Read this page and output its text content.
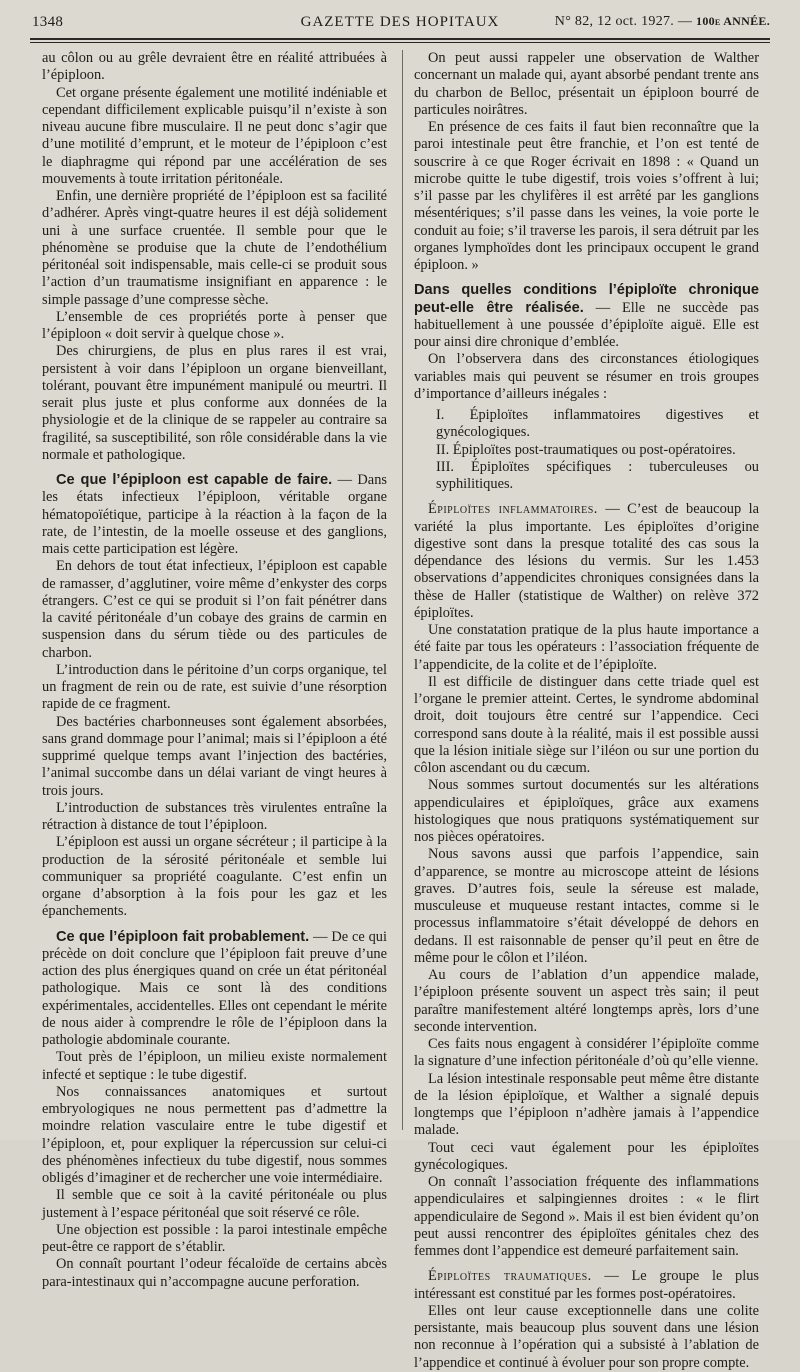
1348	GAZETTE DES HOPITAUX	N° 82, 12 oct. 1927. — 100e ANNÉE.

au côlon ou au grêle devraient être en réalité attribuées à l’épiploon.

Cet organe présente également une motilité indéniable et cependant difficilement explicable puisqu’il n’existe à son niveau aucune fibre musculaire. Il ne peut donc s’agir que d’une motilité d’emprunt, et le moteur de l’épiploon c’est le diaphragme qui répond par une accélération de ses mouvements à toute irritation péritonéale.

Enfin, une dernière propriété de l’épiploon est sa facilité d’adhérer. Après vingt-quatre heures il est déjà solidement uni à une surface cruentée. Il semble pour que le phénomène se produise que la chute de l’endothélium péritonéal soit indispensable, mais celle-ci se produit sous l’action d’un traumatisme insignifiant en apparence : le simple passage d’une compresse sèche.

L’ensemble de ces propriétés porte à penser que l’épiploon « doit servir à quelque chose ».

Des chirurgiens, de plus en plus rares il est vrai, persistent à voir dans l’épiploon un organe bienveillant, tolérant, pouvant être impunément manipulé ou meurtri. Il serait plus juste et plus conforme aux données de la physiologie et de la clinique de se rappeler au contraire sa fragilité, sa susceptibilité, son rôle considérable dans la vie normale et pathologique.

Ce que l’épiploon est capable de faire. — Dans les états infectieux l’épiploon, véritable organe hématopoïétique, participe à la réaction à la façon de la rate, de l’intestin, de la moelle osseuse et des ganglions, mais cette participation est légère.

En dehors de tout état infectieux, l’épiploon est capable de ramasser, d’agglutiner, voire même d’enkyster des corps étrangers. C’est ce qui se produit si l’on fait pénétrer dans la cavité péritonéale d’un cobaye des grains de carmin en suspension dans du sérum tiède ou des particules de charbon.

L’introduction dans le péritoine d’un corps organique, tel un fragment de rein ou de rate, est suivie d’une résorption rapide de ce fragment.

Des bactéries charbonneuses sont également absorbées, sans grand dommage pour l’animal; mais si l’épiploon a été supprimé quelque temps avant l’injection des bactéries, l’animal succombe dans un délai variant de vingt heures à trois jours.

L’introduction de substances très virulentes entraîne la rétraction à distance de tout l’épiploon.

L’épiploon est aussi un organe sécréteur ; il participe à la production de la sérosité péritonéale et semble lui communiquer sa propriété coagulante. C’est enfin un organe d’absorption à la fois pour les gaz et les épanchements.

Ce que l’épiploon fait probablement. — De ce qui précède on doit conclure que l’épiploon fait preuve d’une action des plus énergiques quand on crée un état péritonéal pathologique. Mais ce sont là des conditions expérimentales, accidentelles. Elles ont cependant le mérite de nous aider à comprendre le rôle de l’épiploon dans la pathologie abdominale courante.

Tout près de l’épiploon, un milieu existe normalement infecté et septique : le tube digestif.

Nos connaissances anatomiques et surtout embryologiques ne nous permettent pas d’admettre la moindre relation vasculaire entre le tube digestif et l’épiploon, et, pour expliquer la répercussion sur celui-ci des phénomènes infectieux du tube digestif, nous sommes obligés d’imaginer et de rechercher une voie intermédiaire.

Il semble que ce soit à la cavité péritonéale ou plus justement à l’espace péritonéal que soit réservé ce rôle.

Une objection est possible : la paroi intestinale empêche peut-être ce rapport de s’établir.

On connaît pourtant l’odeur fécaloïde de certains abcès para-intestinaux qui n’accompagne aucune perforation.

On peut aussi rappeler une observation de Walther concernant un malade qui, ayant absorbé pendant trente ans du charbon de Belloc, présentait un épiploon bourré de particules noirâtres.

En présence de ces faits il faut bien reconnaître que la paroi intestinale peut être franchie, et l’on est tenté de souscrire à ce que Roger écrivait en 1898 : « Quand un microbe quitte le tube digestif, trois voies s’offrent à lui; s’il passe par les chylifères il est arrêté par les ganglions mésentériques; s’il passe dans les veines, la voie porte le conduit au foie; s’il traverse les parois, il sera détruit par les organes lymphoïdes dont les principaux occupent le grand épiploon. »

Dans quelles conditions l’épiploïte chronique peut-elle être réalisée. — Elle ne succède pas habituellement à une poussée d’épiploïte aiguë. Elle est pour ainsi dire chronique d’emblée.

On l’observera dans des circonstances étiologiques variables mais qui peuvent se résumer en trois groupes d’importance d’ailleurs inégales :

I. Épiploïtes inflammatoires digestives et gynécologiques.
II. Épiploïtes post-traumatiques ou post-opératoires.
III. Épiploïtes spécifiques : tuberculeuses ou syphilitiques.

Épiploïtes inflammatoires. — C’est de beaucoup la variété la plus importante. Les épiploïtes d’origine digestive sont dans la presque totalité des cas sous la dépendance des lésions du vermis. Sur les 1.453 observations d’appendicites chroniques consignées dans la thèse de Haller (statistique de Walther) on relève 372 épiploïtes.

Une constatation pratique de la plus haute importance a été faite par tous les opérateurs : l’association fréquente de l’appendicite, de la colite et de l’épiploïte.

Il est difficile de distinguer dans cette triade quel est l’organe le premier atteint. Certes, le syndrome abdominal droit, doit toujours être centré sur l’appendice. Ceci correspond sans doute à la réalité, mais il est possible aussi que la lésion initiale siège sur l’iléon ou sur une portion du côlon ascendant ou du cæcum.

Nous sommes surtout documentés sur les altérations appendiculaires et épiploïques, grâce aux examens histologiques que nous pratiquons systématiquement sur nos pièces opératoires.

Nous savons aussi que parfois l’appendice, sain d’apparence, se montre au microscope atteint de lésions graves. D’autres fois, seule la séreuse est malade, musculeuse et muqueuse restant intactes, comme si le processus inflammatoire s’était développé de dehors en dedans. Il est raisonnable de penser qu’il peut en être de même pour le côlon et l’iléon.

Au cours de l’ablation d’un appendice malade, l’épiploon présente souvent un aspect très sain; il peut paraître manifestement altéré longtemps après, lors d’une seconde intervention.

Ces faits nous engagent à considérer l’épiploïte comme la signature d’une infection péritonéale d’où qu’elle vienne.

La lésion intestinale responsable peut même être distante de la lésion épiploïque, et Walther a signalé depuis longtemps que l’épiploon n’adhère jamais à l’appendice malade.

Tout ceci vaut également pour les épiploïtes gynécologiques.

On connaît l’association fréquente des inflammations appendiculaires et salpingiennes droites : « le flirt appendiculaire de Segond ». Mais il est bien évident qu’on peut aussi rencontrer des épiploïtes génitales chez des femmes dont l’appendice est demeuré parfaitement sain.

Épiploïtes traumatiques. — Le groupe le plus intéressant est constitué par les formes post-opératoires.

Elles ont leur cause exceptionnelle dans une colite persistante, mais beaucoup plus souvent dans une lésion non reconnue à l’opération qui a subsisté à l’ablation de l’appendice et continué à évoluer pour son propre compte.
